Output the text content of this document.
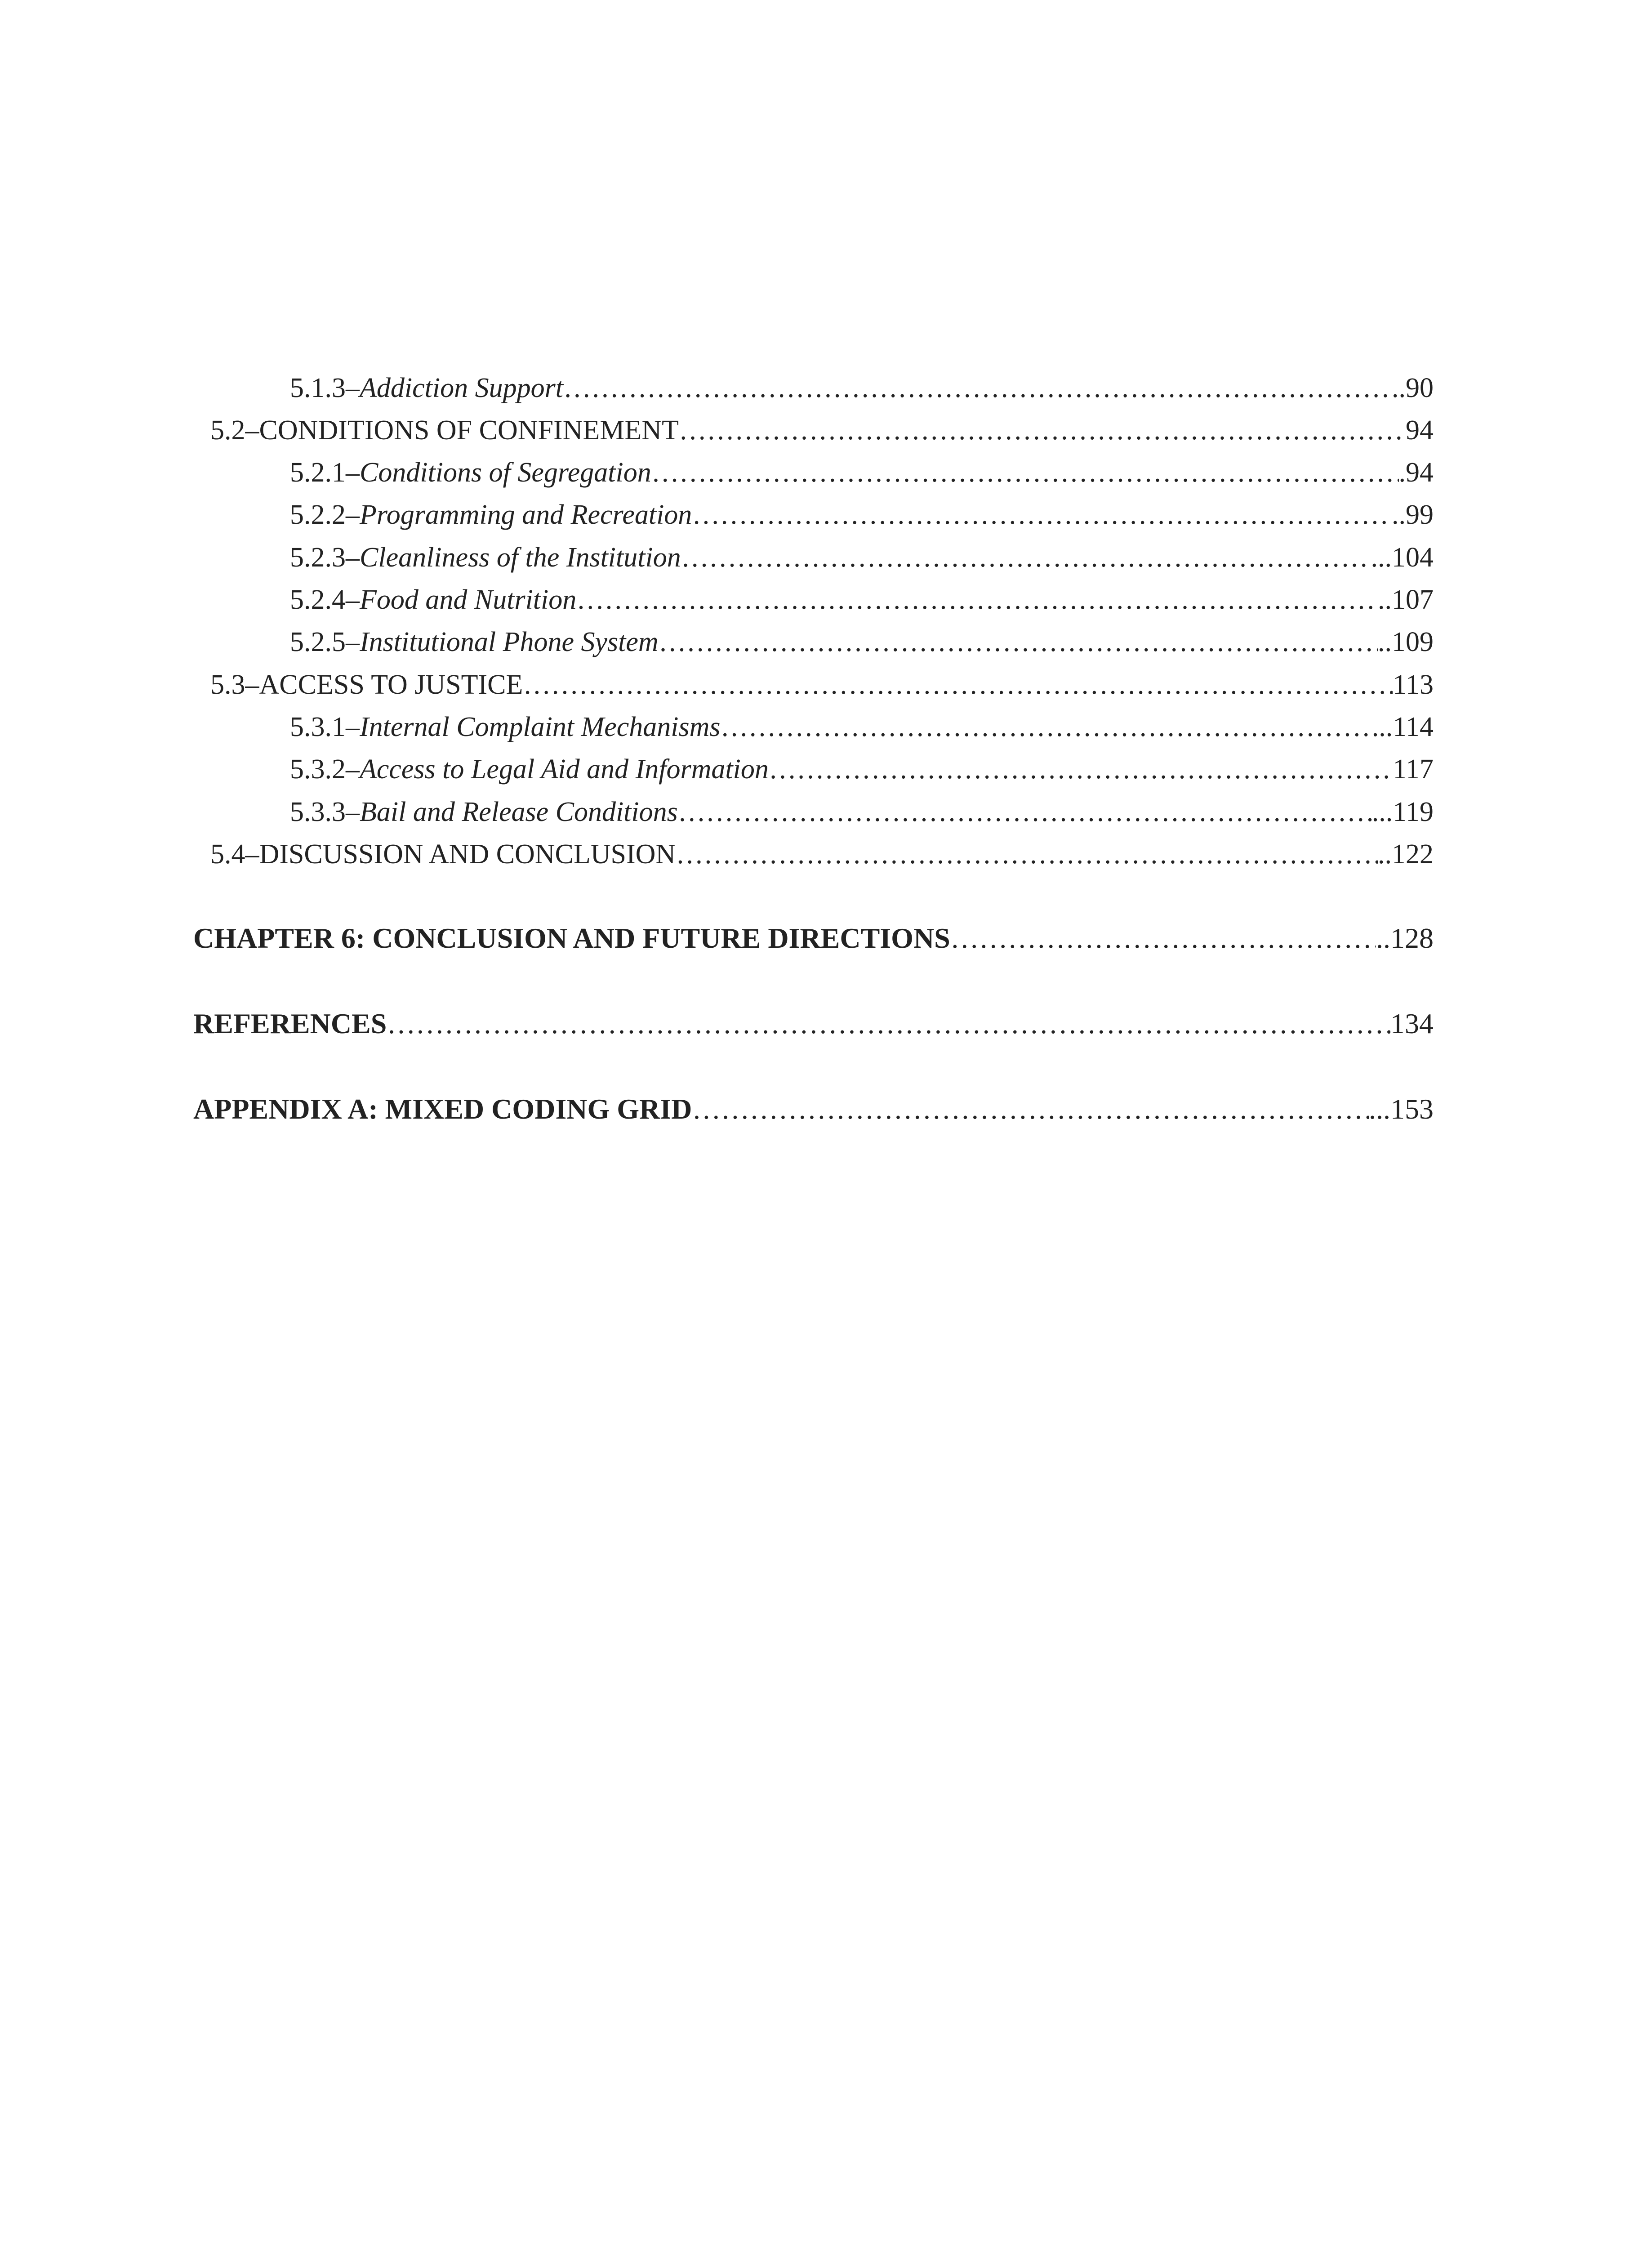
5.1.3 – Addiction Support ……………………………………………………………………………………………………………………………………………………………………………………………………………………	..90
5.2 – CONDITIONS OF CONFINEMENT ……………………………………………………………………………………………………………………………………………………………………………………………………………………	94
5.2.1 – Conditions of Segregation ……………………………………………………………………………………………………………………………………………………………………………………………………………………	.94
5.2.2 – Programming and Recreation ……………………………………………………………………………………………………………………………………………………………………………………………………………………	..99
5.2.3 – Cleanliness of the Institution ……………………………………………………………………………………………………………………………………………………………………………………………………………………	...104
5.2.4 – Food and Nutrition ……………………………………………………………………………………………………………………………………………………………………………………………………………………	..107
5.2.5 – Institutional Phone System ……………………………………………………………………………………………………………………………………………………………………………………………………………………	..109
5.3 – ACCESS TO JUSTICE ……………………………………………………………………………………………………………………………………………………………………………………………………………………	113
5.3.1 – Internal Complaint Mechanisms ……………………………………………………………………………………………………………………………………………………………………………………………………………………	..114
5.3.2 – Access to Legal Aid and Information ……………………………………………………………………………………………………………………………………………………………………………………………………………………	117
5.3.3 – Bail and Release Conditions ……………………………………………………………………………………………………………………………………………………………………………………………………………………	...119
5.4 – DISCUSSION AND CONCLUSION ……………………………………………………………………………………………………………………………………………………………………………………………………………………	..122
CHAPTER 6: CONCLUSION AND FUTURE DIRECTIONS ……………………………………………………………………………………………………………………………………………………………………………………………………………………	..128
REFERENCES ……………………………………………………………………………………………………………………………………………………………………………………………………………………	134
APPENDIX A: MIXED CODING GRID ……………………………………………………………………………………………………………………………………………………………………………………………………………………	...153
